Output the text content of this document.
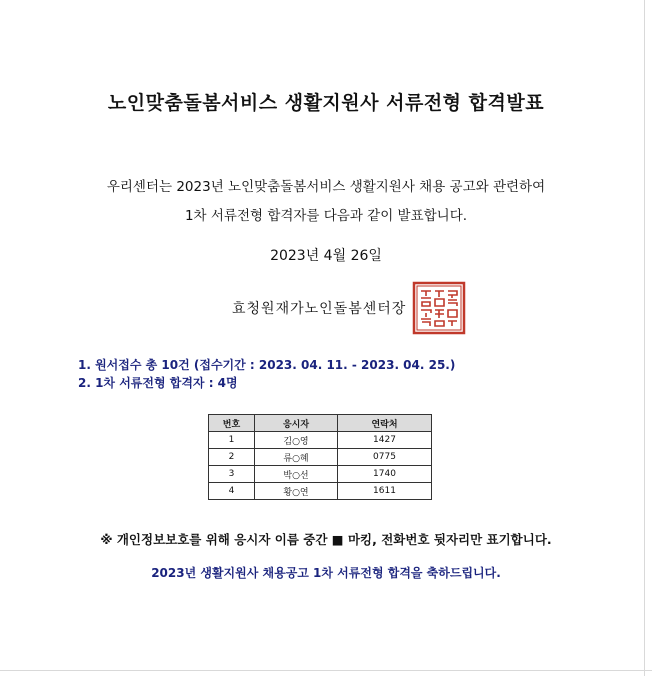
노인맞춤돌봄서비스 생활지원사 서류전형 합격발표
우리센터는 2023년 노인맞춤돌봄서비스 생활지원사 채용 공고와 관련하여
1차 서류전형 합격자를 다음과 같이 발표합니다.
2023년 4월 26일
효청원재가노인돌봄센터장
1. 원서접수 총 10건 (접수기간 : 2023. 04. 11. - 2023. 04. 25.)
2. 1차 서류전형 합격자 : 4명
번호	응시자	연락처
1	김○영	1427
2	류○혜	0775
3	박○선	1740
4	황○연	1611
※ 개인정보보호를 위해 응시자 이름 중간 ■ 마킹, 전화번호 뒷자리만 표기합니다.
2023년 생활지원사 채용공고 1차 서류전형 합격을 축하드립니다.
